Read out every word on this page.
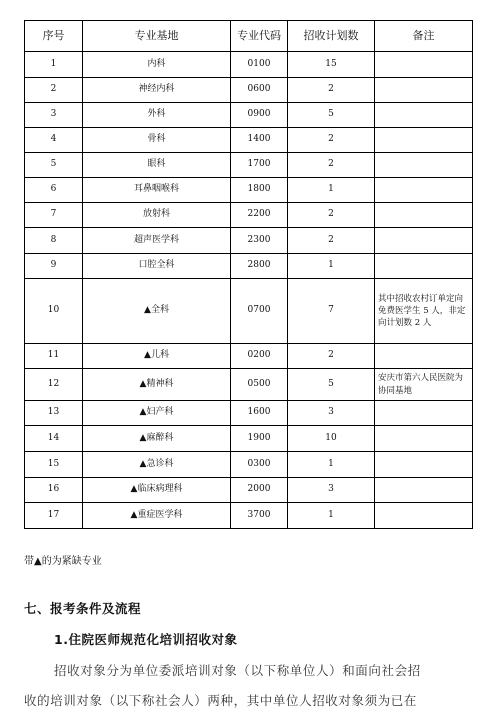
序号	专业基地	专业代码	招收计划数	备注
1	内科	0100	15	
2	神经内科	0600	2	
3	外科	0900	5	
4	骨科	1400	2	
5	眼科	1700	2	
6	耳鼻咽喉科	1800	1	
7	放射科	2200	2	
8	超声医学科	2300	2	
9	口腔全科	2800	1	
10	▲全科	0700	7	其中招收农村订单定向免费医学生 5 人，非定向计划数 2 人
11	▲儿科	0200	2	
12	▲精神科	0500	5	安庆市第六人民医院为协同基地
13	▲妇产科	1600	3	
14	▲麻醉科	1900	10	
15	▲急诊科	0300	1	
16	▲临床病理科	2000	3	
17	▲重症医学科	3700	1	
带▲的为紧缺专业
七、报考条件及流程
1.住院医师规范化培训招收对象
招收对象分为单位委派培训对象（以下称单位人）和面向社会招
收的培训对象（以下称社会人）两种，其中单位人招收对象须为已在
